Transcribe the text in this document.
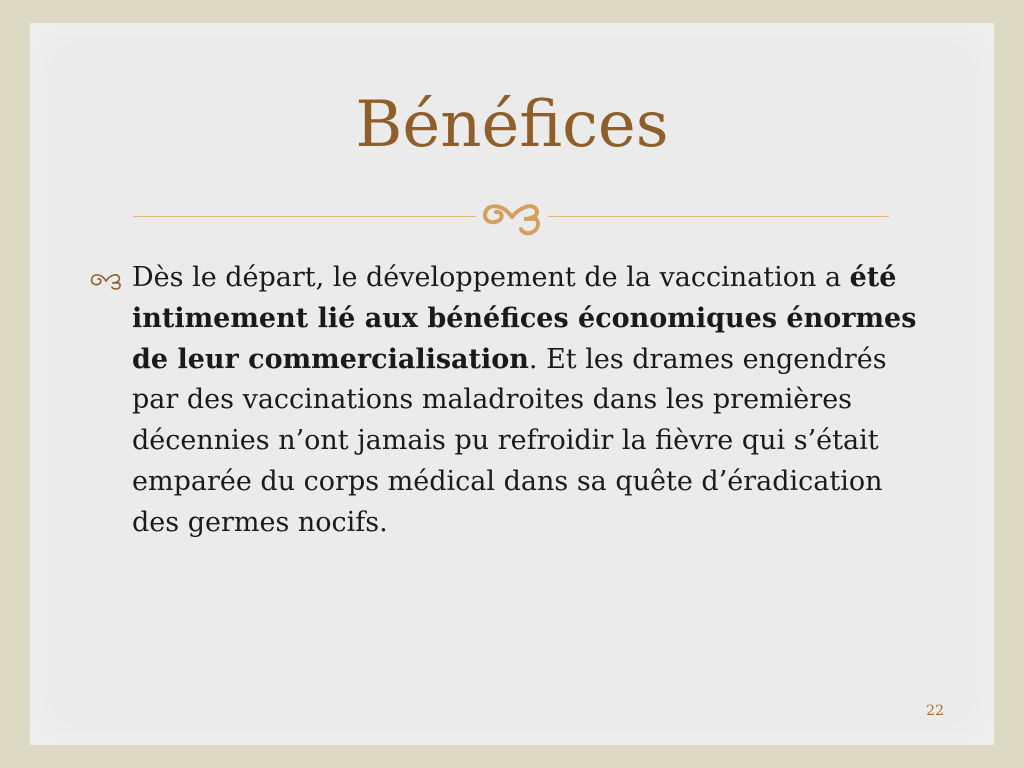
Bénéfices
Dès le départ, le développement de la vaccination a été intimement lié aux bénéfices économiques énormes de leur commercialisation. Et les drames engendrés par des vaccinations maladroites dans les premières décennies n’ont jamais pu refroidir la fièvre qui s’était emparée du corps médical dans sa quête d’éradication des germes nocifs.
22
